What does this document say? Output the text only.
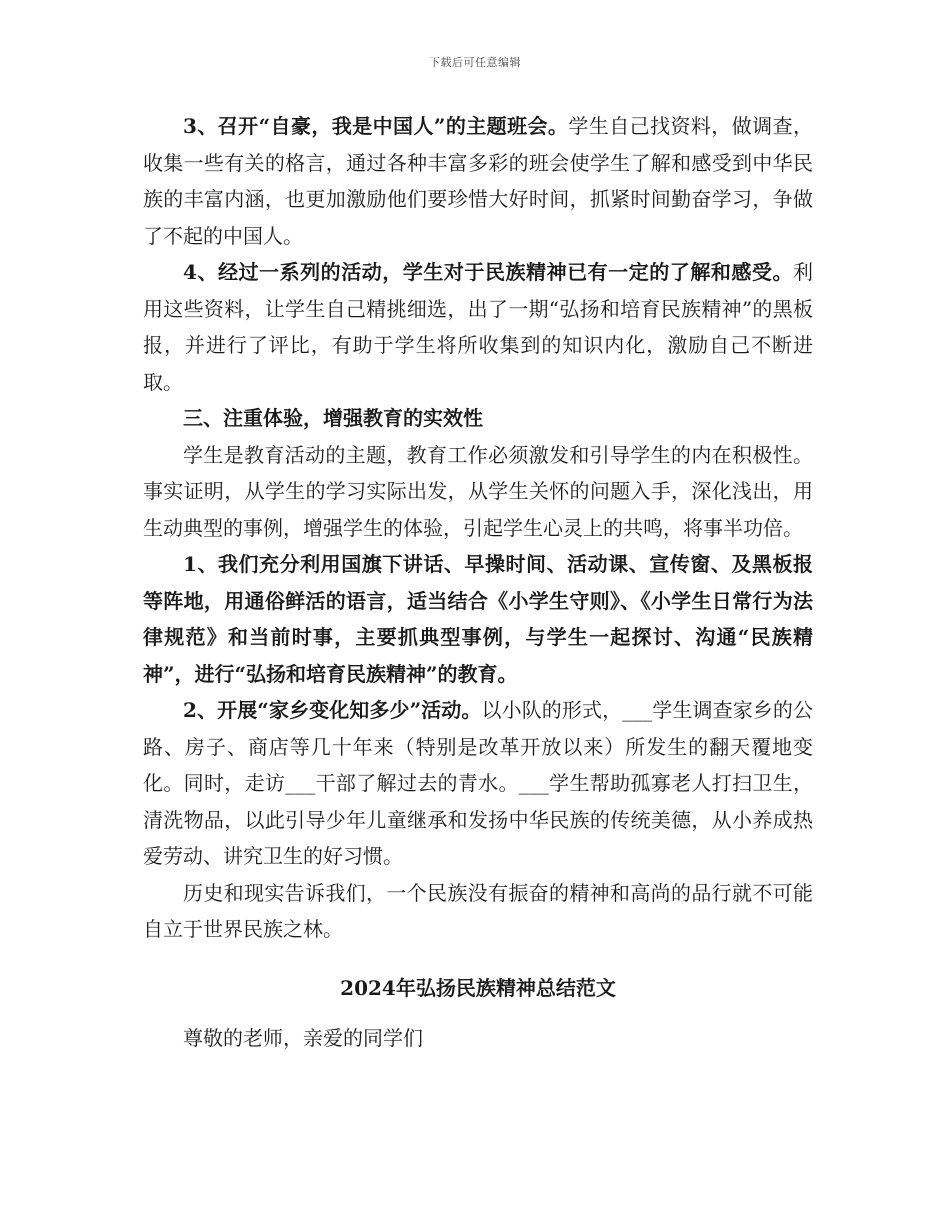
下载后可任意编辑

3、召开“自豪，我是中国人”的主题班会。学生自己找资料，做调查，收集一些有关的格言，通过各种丰富多彩的班会使学生了解和感受到中华民族的丰富内涵，也更加激励他们要珍惜大好时间，抓紧时间勤奋学习，争做了不起的中国人。

4、经过一系列的活动，学生对于民族精神已有一定的了解和感受。利用这些资料，让学生自己精挑细选，出了一期“弘扬和培育民族精神”的黑板报，并进行了评比，有助于学生将所收集到的知识内化，激励自己不断进取。

三、注重体验，增强教育的实效性

学生是教育活动的主题，教育工作必须激发和引导学生的内在积极性。事实证明，从学生的学习实际出发，从学生关怀的问题入手，深化浅出，用生动典型的事例，增强学生的体验，引起学生心灵上的共鸣，将事半功倍。

1、我们充分利用国旗下讲话、早操时间、活动课、宣传窗、及黑板报等阵地，用通俗鲜活的语言，适当结合《小学生守则》、《小学生日常行为法律规范》和当前时事，主要抓典型事例，与学生一起探讨、沟通“民族精神”，进行“弘扬和培育民族精神”的教育。

2、开展“家乡变化知多少”活动。以小队的形式，___学生调查家乡的公路、房子、商店等几十年来（特别是改革开放以来）所发生的翻天覆地变化。同时，走访___干部了解过去的青水。___学生帮助孤寡老人打扫卫生，清洗物品，以此引导少年儿童继承和发扬中华民族的传统美德，从小养成热爱劳动、讲究卫生的好习惯。

历史和现实告诉我们，一个民族没有振奋的精神和高尚的品行就不可能自立于世界民族之林。

2024年弘扬民族精神总结范文

尊敬的老师，亲爱的同学们
